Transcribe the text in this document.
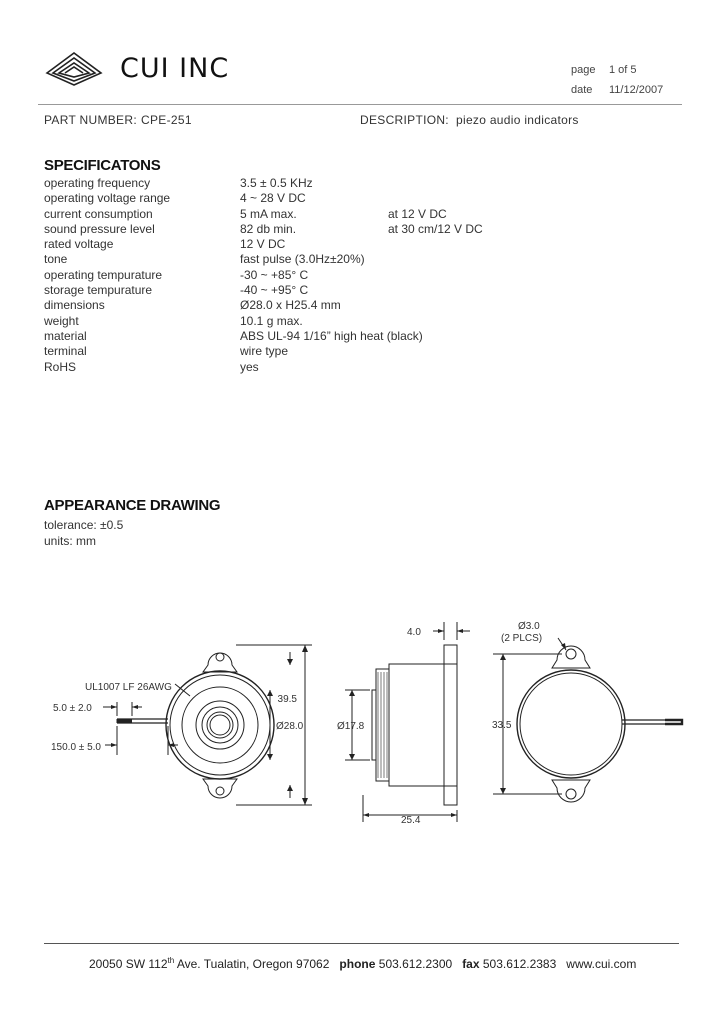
CUI INC	page 1 of 5
date 11/12/2007
PART NUMBER: CPE-251	DESCRIPTION: piezo audio indicators
SPECIFICATONS
operating frequency	3.5 ± 0.5 KHz
operating voltage range	4 ~ 28 V DC
current consumption	5 mA max.	at 12 V DC
sound pressure level	82 db min.	at 30 cm/12 V DC
rated voltage	12 V DC
tone	fast pulse (3.0Hz±20%)
operating tempurature	-30 ~ +85° C
storage tempurature	-40 ~ +95° C
dimensions	Ø28.0 x H25.4 mm
weight	10.1 g max.
material	ABS UL-94 1/16” high heat (black)
terminal	wire type
RoHS	yes
APPEARANCE DRAWING
tolerance: ±0.5
units: mm
UL1007 LF 26AWG
5.0 ± 2.0
150.0 ± 5.0
39.5
Ø28.0
4.0
Ø17.8
25.4
Ø3.0
(2 PLCS)
33.5
20050 SW 112th Ave. Tualatin, Oregon 97062 phone 503.612.2300 fax 503.612.2383 www.cui.com
